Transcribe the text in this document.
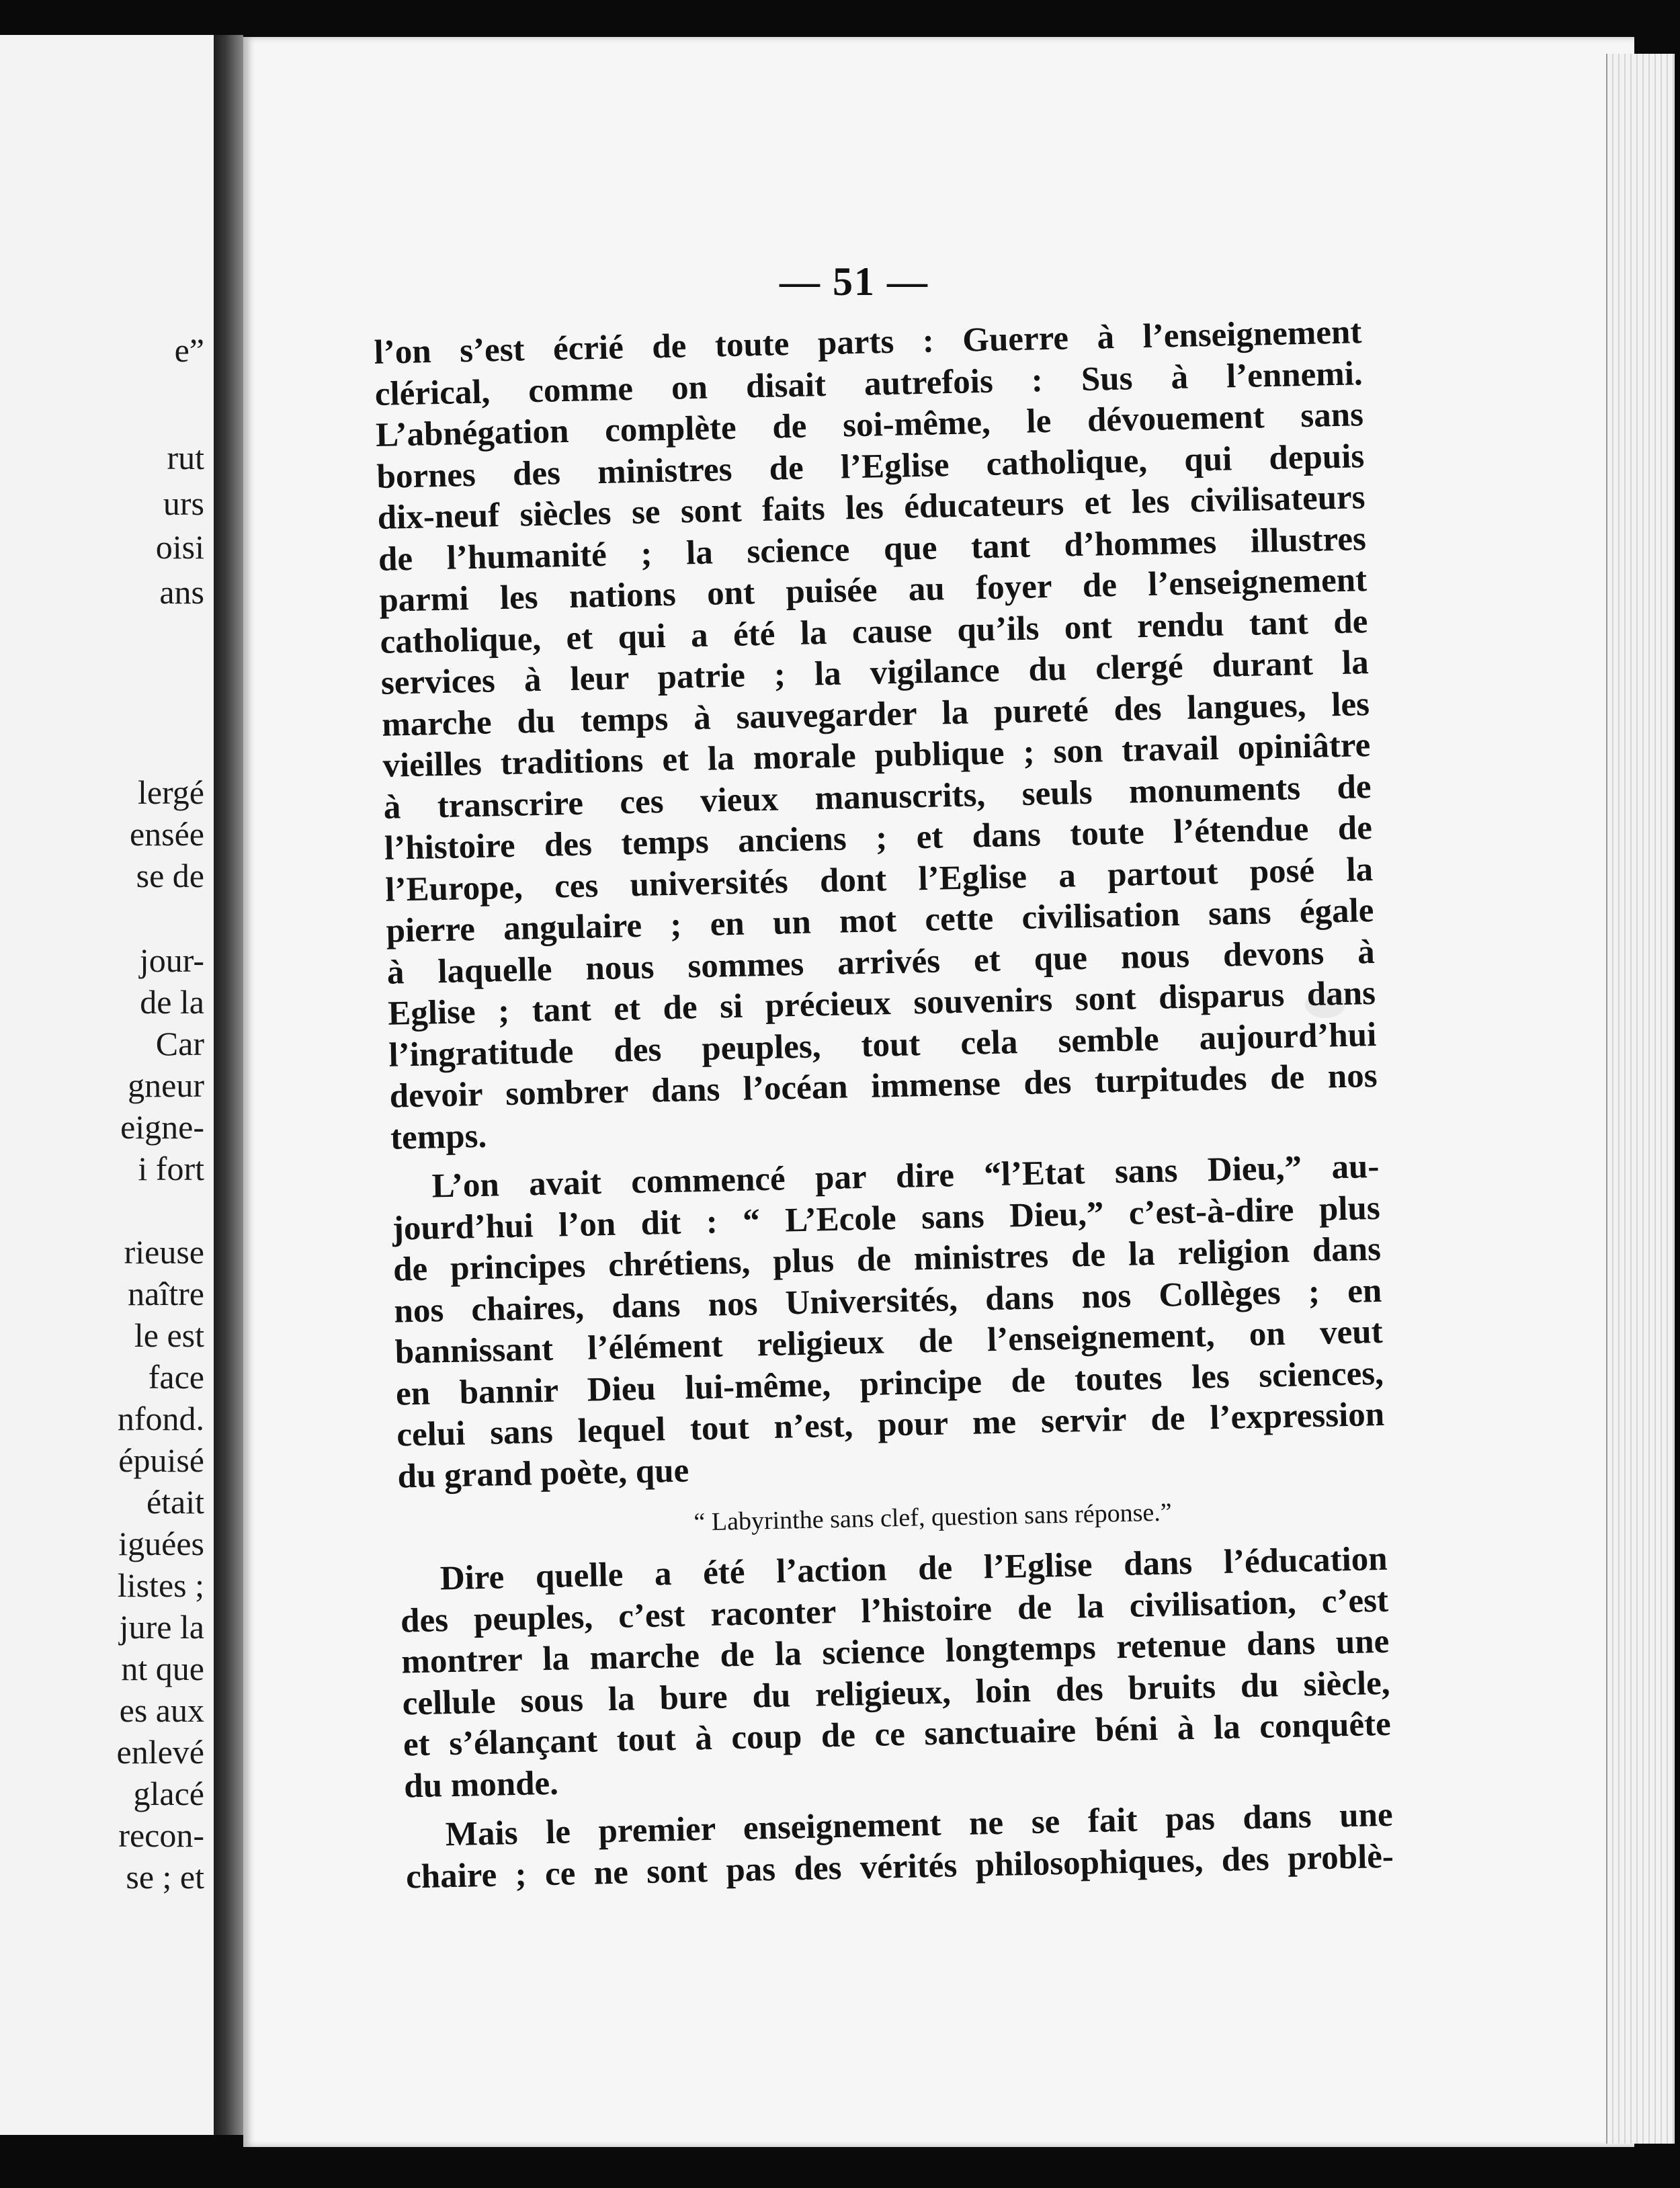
e”
rut
urs
oisi
ans
lergé
ensée
se de
jour-
de la
Car
gneur
eigne-
i fort
rieuse
naître
le est
face
nfond.
épuisé
était
iguées
listes ;
jure la
nt que
es aux
enlevé
glacé
recon-
se ; et
— 51 —
l’on s’est écrié de toute parts : Guerre à l’enseignement
clérical, comme on disait autrefois : Sus à l’ennemi.
L’abnégation complète de soi-même, le dévouement sans
bornes des ministres de l’Eglise catholique, qui depuis
dix-neuf siècles se sont faits les éducateurs et les civilisateurs
de l’humanité ; la science que tant d’hommes illustres
parmi les nations ont puisée au foyer de l’enseignement
catholique, et qui a été la cause qu’ils ont rendu tant de
services à leur patrie ; la vigilance du clergé durant la
marche du temps à sauvegarder la pureté des langues, les
vieilles traditions et la morale publique ; son travail opiniâtre
à transcrire ces vieux manuscrits, seuls monuments de
l’histoire des temps anciens ; et dans toute l’étendue de
l’Europe, ces universités dont l’Eglise a partout posé la
pierre angulaire ; en un mot cette civilisation sans égale
à laquelle nous sommes arrivés et que nous devons à
Eglise ; tant et de si précieux souvenirs sont disparus dans
l’ingratitude des peuples, tout cela semble aujourd’hui
devoir sombrer dans l’océan immense des turpitudes de nos
temps.
L’on avait commencé par dire “l’Etat sans Dieu,” au-
jourd’hui l’on dit : “ L’Ecole sans Dieu,” c’est-à-dire plus
de principes chrétiens, plus de ministres de la religion dans
nos chaires, dans nos Universités, dans nos Collèges ; en
bannissant l’élément religieux de l’enseignement, on veut
en bannir Dieu lui-même, principe de toutes les sciences,
celui sans lequel tout n’est, pour me servir de l’expression
du grand poète, que
“ Labyrinthe sans clef, question sans réponse.”
Dire quelle a été l’action de l’Eglise dans l’éducation
des peuples, c’est raconter l’histoire de la civilisation, c’est
montrer la marche de la science longtemps retenue dans une
cellule sous la bure du religieux, loin des bruits du siècle,
et s’élançant tout à coup de ce sanctuaire béni à la conquête
du monde.
Mais le premier enseignement ne se fait pas dans une
chaire ; ce ne sont pas des vérités philosophiques, des problè-
